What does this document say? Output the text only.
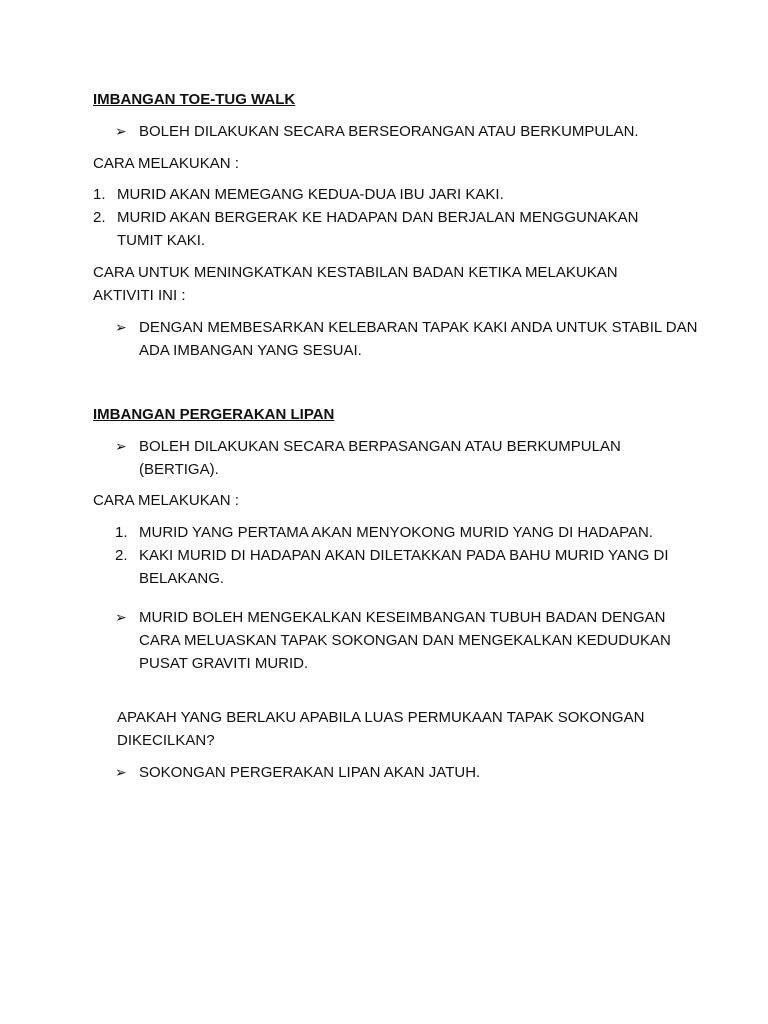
IMBANGAN TOE-TUG WALK

➢ BOLEH DILAKUKAN SECARA BERSEORANGAN ATAU BERKUMPULAN.

CARA MELAKUKAN :

1. MURID AKAN MEMEGANG KEDUA-DUA IBU JARI KAKI.
2. MURID AKAN BERGERAK KE HADAPAN DAN BERJALAN MENGGUNAKAN TUMIT KAKI.

CARA UNTUK MENINGKATKAN KESTABILAN BADAN KETIKA MELAKUKAN AKTIVITI INI :

➢ DENGAN MEMBESARKAN KELEBARAN TAPAK KAKI ANDA UNTUK STABIL DAN ADA IMBANGAN YANG SESUAI.

IMBANGAN PERGERAKAN LIPAN

➢ BOLEH DILAKUKAN SECARA BERPASANGAN ATAU BERKUMPULAN (BERTIGA).

CARA MELAKUKAN :

1. MURID YANG PERTAMA AKAN MENYOKONG MURID YANG DI HADAPAN.
2. KAKI MURID DI HADAPAN AKAN DILETAKKAN PADA BAHU MURID YANG DI BELAKANG.
➢ MURID BOLEH MENGEKALKAN KESEIMBANGAN TUBUH BADAN DENGAN CARA MELUASKAN TAPAK SOKONGAN DAN MENGEKALKAN KEDUDUKAN PUSAT GRAVITI MURID.

APAKAH YANG BERLAKU APABILA LUAS PERMUKAAN TAPAK SOKONGAN DIKECILKAN?

➢ SOKONGAN PERGERAKAN LIPAN AKAN JATUH.
